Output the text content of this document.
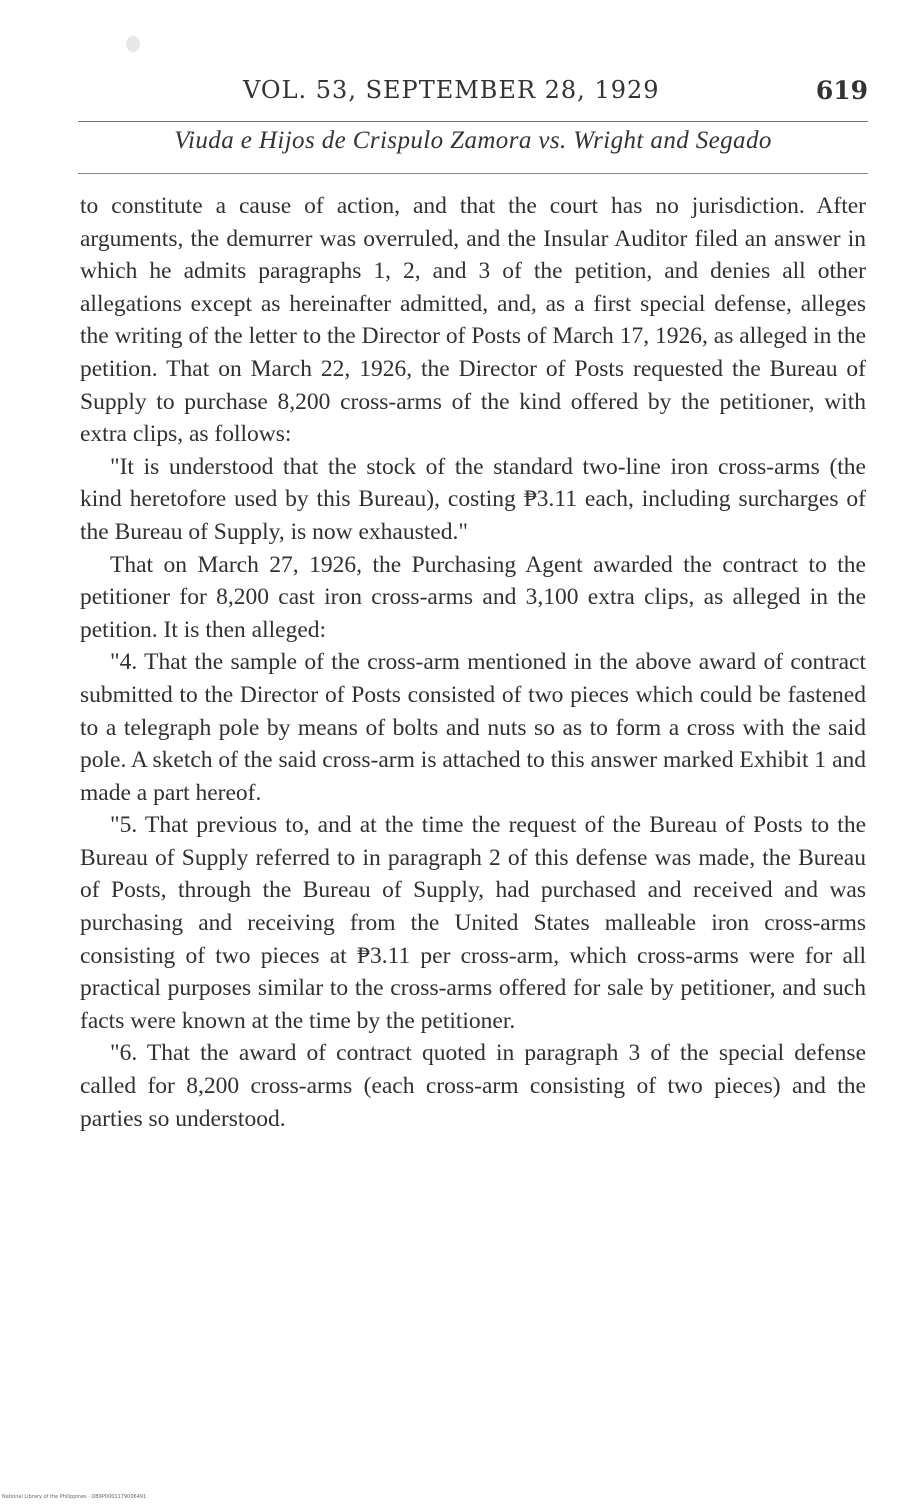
VOL. 53, SEPTEMBER 28, 1929	619
Viuda e Hijos de Crispulo Zamora vs. Wright and Segado

to constitute a cause of action, and that the court has no jurisdiction. After arguments, the demurrer was overruled, and the Insular Auditor filed an answer in which he admits paragraphs 1, 2, and 3 of the petition, and denies all other allegations except as hereinafter admitted, and, as a first special defense, alleges the writing of the letter to the Director of Posts of March 17, 1926, as alleged in the petition. That on March 22, 1926, the Director of Posts requested the Bureau of Supply to purchase 8,200 cross-arms of the kind offered by the petitioner, with extra clips, as follows:

"It is understood that the stock of the standard two-line iron cross-arms (the kind heretofore used by this Bureau), costing ₱3.11 each, including surcharges of the Bureau of Supply, is now exhausted."

That on March 27, 1926, the Purchasing Agent awarded the contract to the petitioner for 8,200 cast iron cross-arms and 3,100 extra clips, as alleged in the petition. It is then alleged:

"4. That the sample of the cross-arm mentioned in the above award of contract submitted to the Director of Posts consisted of two pieces which could be fastened to a telegraph pole by means of bolts and nuts so as to form a cross with the said pole. A sketch of the said cross-arm is attached to this answer marked Exhibit 1 and made a part hereof.

"5. That previous to, and at the time the request of the Bureau of Posts to the Bureau of Supply referred to in paragraph 2 of this defense was made, the Bureau of Posts, through the Bureau of Supply, had purchased and received and was purchasing and receiving from the United States malleable iron cross-arms consisting of two pieces at ₱3.11 per cross-arm, which cross-arms were for all practical purposes similar to the cross-arms offered for sale by petitioner, and such facts were known at the time by the petitioner.

"6. That the award of contract quoted in paragraph 3 of the special defense called for 8,200 cross-arms (each cross-arm consisting of two pieces) and the parties so understood.

National Library of the Philippines · DB9P0001179006491
